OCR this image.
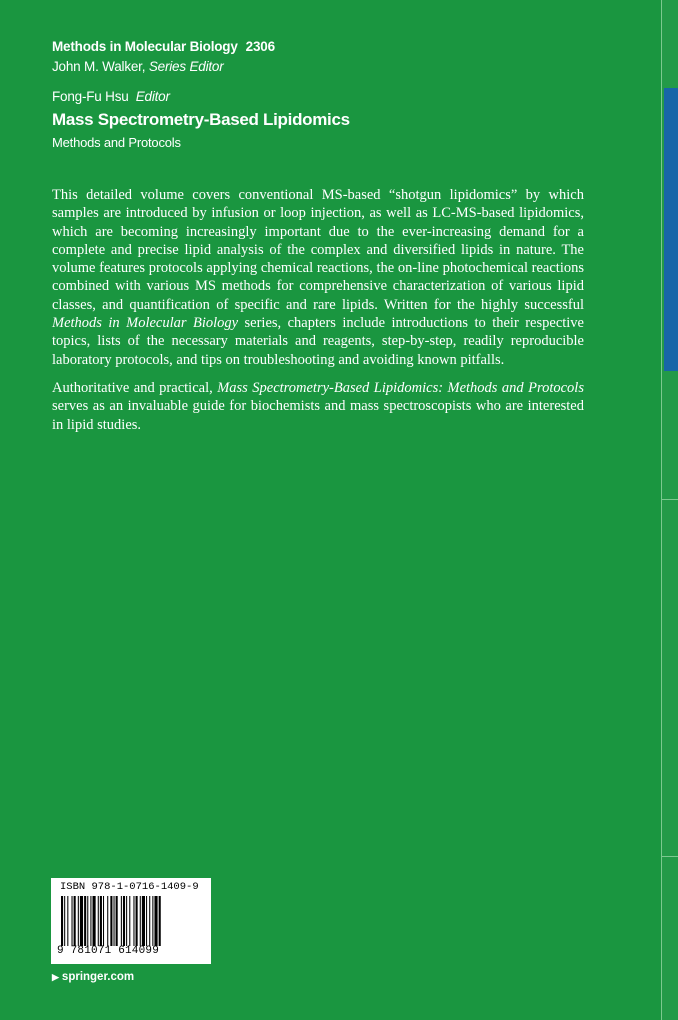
Methods in Molecular Biology 2306
John M. Walker, Series Editor
Fong-Fu Hsu Editor
Mass Spectrometry-Based Lipidomics
Methods and Protocols

This detailed volume covers conventional MS-based “shotgun lipidomics” by which samples are introduced by infusion or loop injection, as well as LC-MS-based lipidomics, which are becoming increasingly important due to the ever-increasing demand for a complete and precise lipid analysis of the complex and diversified lipids in nature. The volume features protocols applying chemical reactions, the on-line photochemical reactions combined with various MS methods for comprehensive characterization of various lipid classes, and quantification of specific and rare lipids. Written for the highly successful Methods in Molecular Biology series, chapters include introductions to their respective topics, lists of the necessary materials and reagents, step-by-step, readily reproducible laboratory protocols, and tips on troubleshooting and avoiding known pitfalls.

Authoritative and practical, Mass Spectrometry-Based Lipidomics: Methods and Protocols serves as an invaluable guide for biochemists and mass spectroscopists who are interested in lipid studies.

ISBN 978-1-0716-1409-9
9 781071 614099
▶ springer.com
